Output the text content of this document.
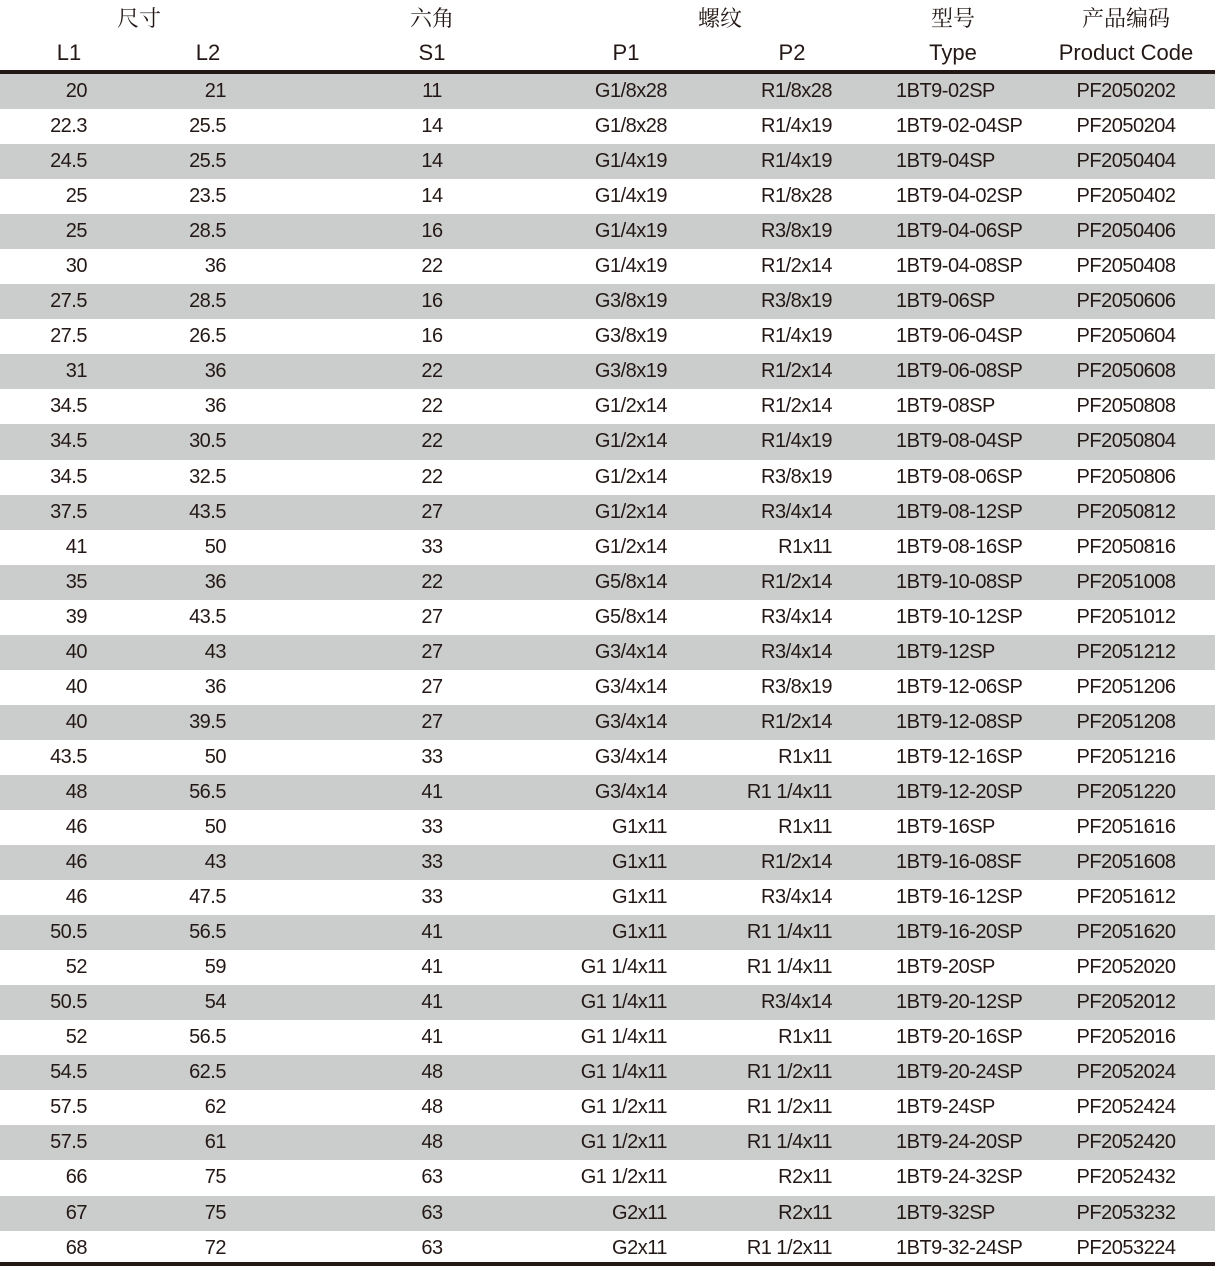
尺寸	六角	螺纹	型号	产品编码
L1	L2	S1	P1	P2	Type	Product Code
20	21	11	G1/8x28	R1/8x28	1BT9-02SP	PF2050202
22.3	25.5	14	G1/8x28	R1/4x19	1BT9-02-04SP	PF2050204
24.5	25.5	14	G1/4x19	R1/4x19	1BT9-04SP	PF2050404
25	23.5	14	G1/4x19	R1/8x28	1BT9-04-02SP	PF2050402
25	28.5	16	G1/4x19	R3/8x19	1BT9-04-06SP	PF2050406
30	36	22	G1/4x19	R1/2x14	1BT9-04-08SP	PF2050408
27.5	28.5	16	G3/8x19	R3/8x19	1BT9-06SP	PF2050606
27.5	26.5	16	G3/8x19	R1/4x19	1BT9-06-04SP	PF2050604
31	36	22	G3/8x19	R1/2x14	1BT9-06-08SP	PF2050608
34.5	36	22	G1/2x14	R1/2x14	1BT9-08SP	PF2050808
34.5	30.5	22	G1/2x14	R1/4x19	1BT9-08-04SP	PF2050804
34.5	32.5	22	G1/2x14	R3/8x19	1BT9-08-06SP	PF2050806
37.5	43.5	27	G1/2x14	R3/4x14	1BT9-08-12SP	PF2050812
41	50	33	G1/2x14	R1x11	1BT9-08-16SP	PF2050816
35	36	22	G5/8x14	R1/2x14	1BT9-10-08SP	PF2051008
39	43.5	27	G5/8x14	R3/4x14	1BT9-10-12SP	PF2051012
40	43	27	G3/4x14	R3/4x14	1BT9-12SP	PF2051212
40	36	27	G3/4x14	R3/8x19	1BT9-12-06SP	PF2051206
40	39.5	27	G3/4x14	R1/2x14	1BT9-12-08SP	PF2051208
43.5	50	33	G3/4x14	R1x11	1BT9-12-16SP	PF2051216
48	56.5	41	G3/4x14	R1 1/4x11	1BT9-12-20SP	PF2051220
46	50	33	G1x11	R1x11	1BT9-16SP	PF2051616
46	43	33	G1x11	R1/2x14	1BT9-16-08SF	PF2051608
46	47.5	33	G1x11	R3/4x14	1BT9-16-12SP	PF2051612
50.5	56.5	41	G1x11	R1 1/4x11	1BT9-16-20SP	PF2051620
52	59	41	G1 1/4x11	R1 1/4x11	1BT9-20SP	PF2052020
50.5	54	41	G1 1/4x11	R3/4x14	1BT9-20-12SP	PF2052012
52	56.5	41	G1 1/4x11	R1x11	1BT9-20-16SP	PF2052016
54.5	62.5	48	G1 1/4x11	R1 1/2x11	1BT9-20-24SP	PF2052024
57.5	62	48	G1 1/2x11	R1 1/2x11	1BT9-24SP	PF2052424
57.5	61	48	G1 1/2x11	R1 1/4x11	1BT9-24-20SP	PF2052420
66	75	63	G1 1/2x11	R2x11	1BT9-24-32SP	PF2052432
67	75	63	G2x11	R2x11	1BT9-32SP	PF2053232
68	72	63	G2x11	R1 1/2x11	1BT9-32-24SP	PF2053224
